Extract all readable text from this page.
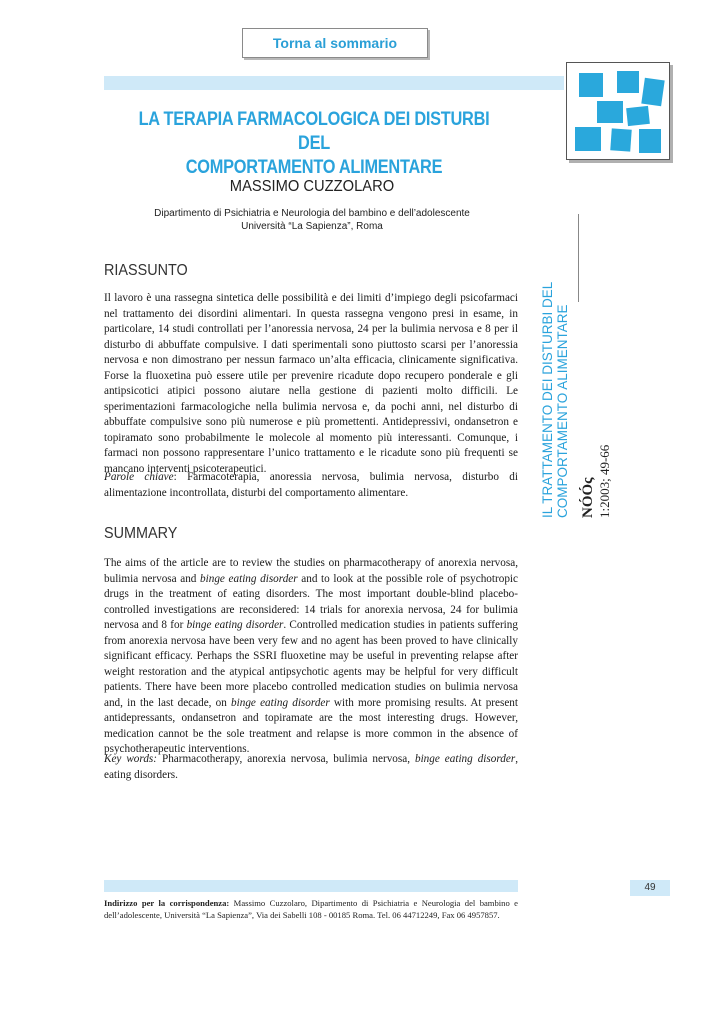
Torna al sommario
LA TERAPIA FARMACOLOGICA DEI DISTURBI DEL
COMPORTAMENTO ALIMENTARE
MASSIMO CUZZOLARO
Dipartimento di Psichiatria e Neurologia del bambino e dell’adolescente
Università “La Sapienza”, Roma
RIASSUNTO

Il lavoro è una rassegna sintetica delle possibilità e dei limiti d’impiego degli psicofarmaci nel trattamento dei disordini alimentari. In questa rassegna vengono presi in esame, in particolare, 14 studi controllati per l’anoressia nervosa, 24 per la bulimia nervosa e 8 per il disturbo di abbuffate compulsive. I dati sperimentali sono piuttosto scarsi per l’anoressia nervosa e non dimostrano per nessun farmaco un’alta efficacia, clinicamente significativa. Forse la fluoxetina può essere utile per prevenire ricadute dopo recupero ponderale e gli antipsicotici atipici possono aiutare nella gestione di pazienti molto difficili. Le sperimentazioni farmacologiche nella bulimia nervosa e, da pochi anni, nel disturbo di abbuffate compulsive sono più numerose e più promettenti. Antidepressivi, ondansetron e topiramato sono probabilmente le molecole al momento più interessanti. Comunque, i farmaci non possono rappresentare l’unico trattamento e le ricadute sono più frequenti se mancano interventi psicoterapeutici.

Parole chiave: Farmacoterapia, anoressia nervosa, bulimia nervosa, disturbo di alimentazione incontrollata, disturbi del comportamento alimentare.

SUMMARY

The aims of the article are to review the studies on pharmacotherapy of anorexia nervosa, bulimia nervosa and binge eating disorder and to look at the possible role of psychotropic drugs in the treatment of eating disorders. The most important double-blind placebo-controlled investigations are reconsidered: 14 trials for anorexia nervosa, 24 for bulimia nervosa and 8 for binge eating disorder. Controlled medication studies in patients suffering from anorexia nervosa have been very few and no agent has been proved to have clinically significant efficacy. Perhaps the SSRI fluoxetine may be useful in preventing relapse after weight restoration and the atypical antipsychotic agents may be helpful for very difficult patients. There have been more placebo controlled medication studies on bulimia nervosa and, in the last decade, on binge eating disorder with more promising results. At present antidepressants, ondansetron and topiramate are the most interesting drugs. However, medication cannot be the sole treatment and relapse is more common in the absence of psychotherapeutic interventions.

Key words: Pharmacotherapy, anorexia nervosa, bulimia nervosa, binge eating disorder, eating disorders.

IL TRATTAMENTO DEI DISTURBI DEL COMPORTAMENTO ALIMENTARE NÓÓς 1:2003; 49-66
49

Indirizzo per la corrispondenza: Massimo Cuzzolaro, Dipartimento di Psichiatria e Neurologia del bambino e dell’adolescente, Università “La Sapienza”, Via dei Sabelli 108 - 00185 Roma. Tel. 06 44712249, Fax 06 4957857.
